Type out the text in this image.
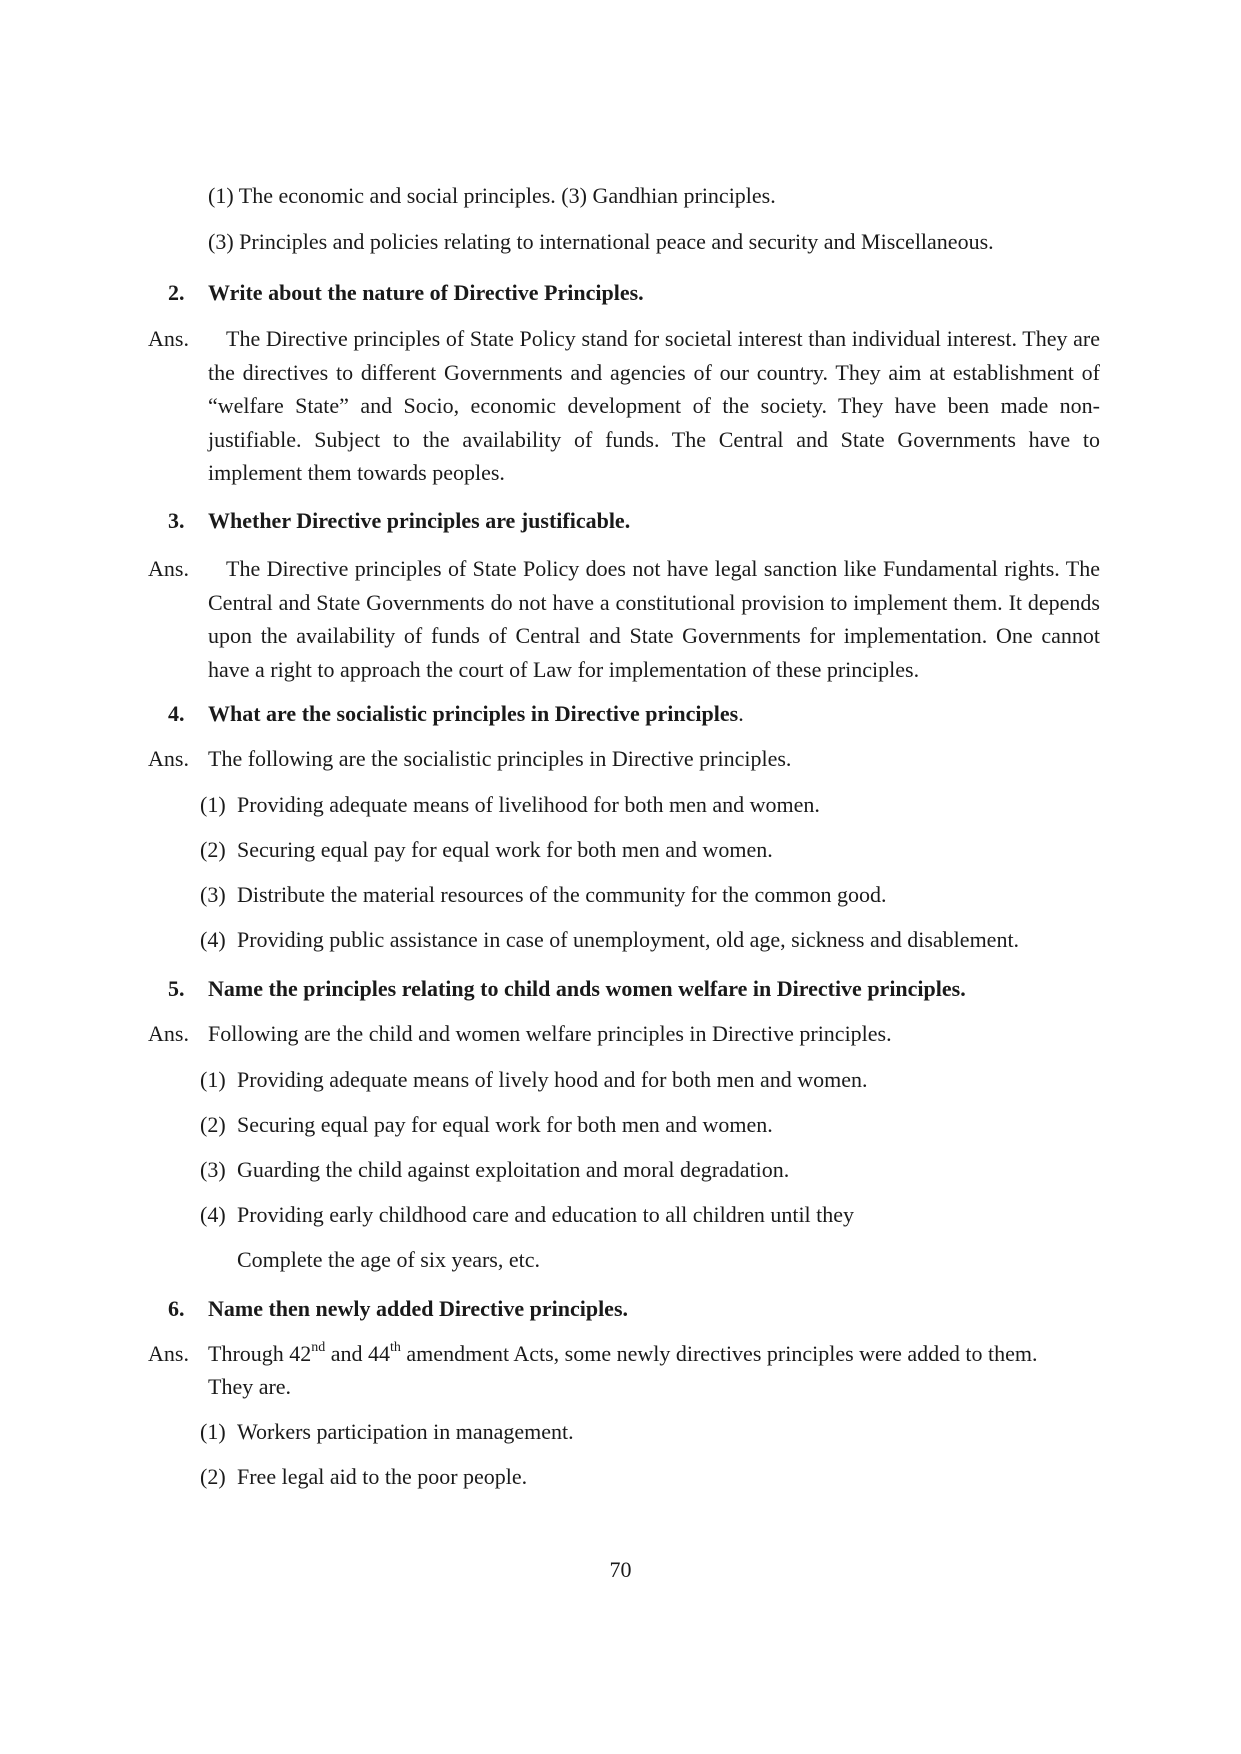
(1) The economic and social principles. (3) Gandhian principles.
(3) Principles and policies relating to international peace and security and Miscellaneous.
2. Write about the nature of Directive Principles.
Ans.	The Directive principles of State Policy stand for societal interest than individual interest. They are the directives to different Governments and agencies of our country. They aim at establishment of “welfare State” and Socio, economic development of the society. They have been made non-justifiable. Subject to the availability of funds. The Central and State Governments have to implement them towards peoples.
3. Whether Directive principles are justificable.
Ans.	The Directive principles of State Policy does not have legal sanction like Fundamental rights. The Central and State Governments do not have a constitutional provision to implement them. It depends upon the availability of funds of Central and State Governments for implementation. One cannot have a right to approach the court of Law for implementation of these principles.
4. What are the socialistic principles in Directive principles.
Ans. The following are the socialistic principles in Directive principles.
(1) Providing adequate means of livelihood for both men and women.
(2) Securing equal pay for equal work for both men and women.
(3) Distribute the material resources of the community for the common good.
(4) Providing public assistance in case of unemployment, old age, sickness and disablement.
5. Name the principles relating to child ands women welfare in Directive principles.
Ans. Following are the child and women welfare principles in Directive principles.
(1) Providing adequate means of lively hood and for both men and women.
(2) Securing equal pay for equal work for both men and women.
(3) Guarding the child against exploitation and moral degradation.
(4) Providing early childhood care and education to all children until they
Complete the age of six years, etc.
6. Name then newly added Directive principles.
Ans. Through 42nd and 44th amendment Acts, some newly directives principles were added to them.
They are.
(1) Workers participation in management.
(2) Free legal aid to the poor people.
70
